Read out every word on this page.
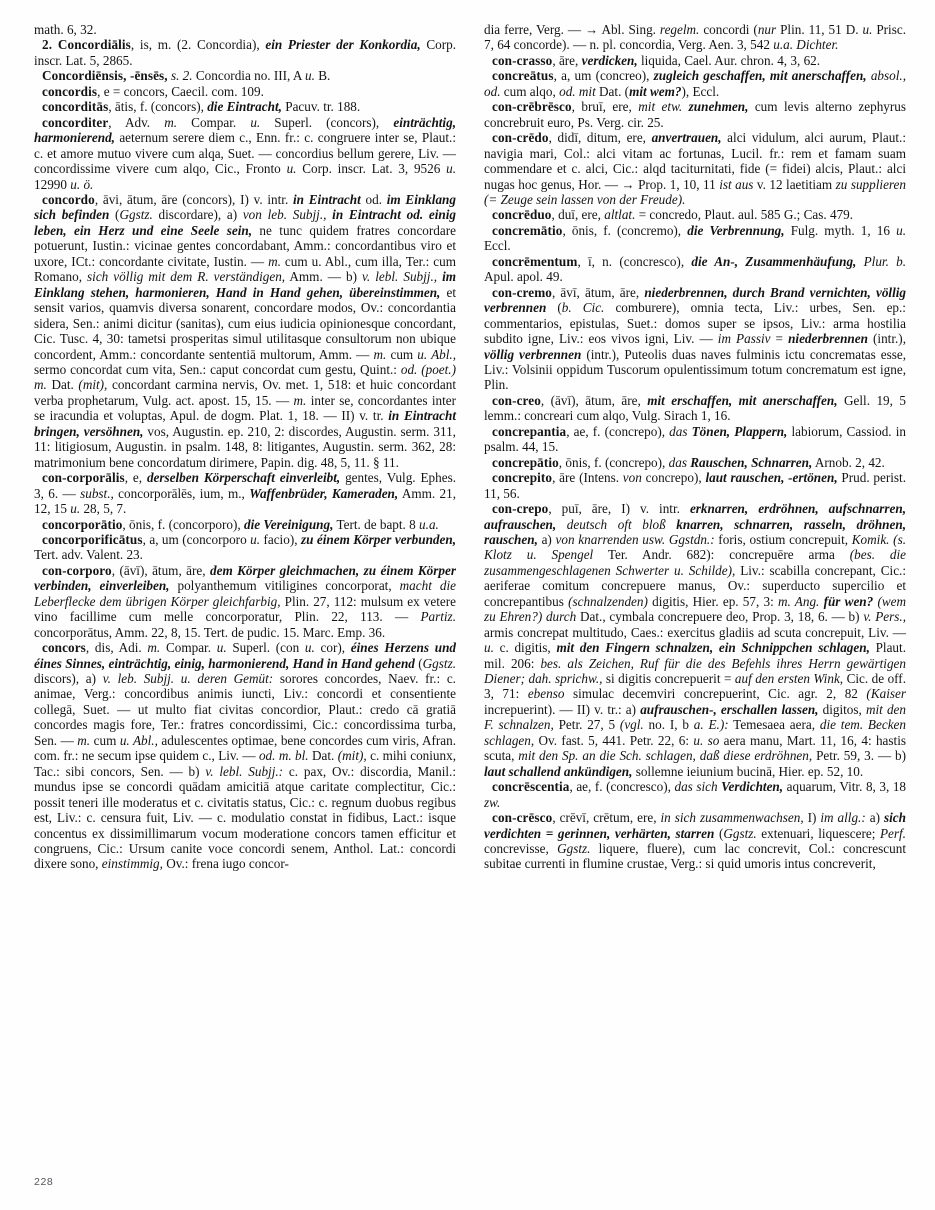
math. 6, 32.

2. Concordiālis, is, m. (2. Concordia), ein Priester der Konkordia, Corp. inscr. Lat. 5, 2865.

Concordiēnsis, -ēnsēs, s. 2. Concordia no. III, A u. B.

concordis, e = concors, Caecil. com. 109.

concorditās, ātis, f. (concors), die Eintracht, Pacuv. tr. 188.

concorditer, Adv. m. Compar. u. Superl. (concors), einträchtig, harmonierend, aeternum serere diem c., Enn. fr.: c. congruere inter se, Plaut.: c. et amore mutuo vivere cum alqa, Suet. — concordius bellum gerere, Liv. — concordissime vivere cum alqo, Cic., Fronto u. Corp. inscr. Lat. 3, 9526 u. 12990 u. ö.

concordo, āvi, ātum, āre (concors), I) v. intr. in Eintracht od. im Einklang sich befinden (Ggstz. discordare), a) von leb. Subjj., in Eintracht od. einig leben, ein Herz und eine Seele sein, ne tunc quidem fratres concordare potuerunt, Iustin.: vicinae gentes concordabant, Amm.: concordantibus viro et uxore, ICt.: concordante civitate, Iustin. — m. cum u. Abl., cum illa, Ter.: cum Romano, sich völlig mit dem R. verständigen, Amm. — b) v. lebl. Subjj., im Einklang stehen, harmonieren, Hand in Hand gehen, übereinstimmen, et sensit varios, quamvis diversa sonarent, concordare modos, Ov.: concordantia sidera, Sen.: animi dicitur (sanitas), cum eius iudicia opinionesque concordant, Cic. Tusc. 4, 30: tametsi prosperitas simul utilitasque consultorum non ubique concordent, Amm.: concordante sententiā multorum, Amm. — m. cum u. Abl., sermo concordat cum vita, Sen.: caput concordat cum gestu, Quint.: od. (poet.) m. Dat. (mit), concordant carmina nervis, Ov. met. 1, 518: et huic concordant verba prophetarum, Vulg. act. apost. 15, 15. — m. inter se, concordantes inter se iracundia et voluptas, Apul. de dogm. Plat. 1, 18. — II) v. tr. in Eintracht bringen, versöhnen, vos, Augustin. ep. 210, 2: discordes, Augustin. serm. 311, 11: litigiosum, Augustin. in psalm. 148, 8: litigantes, Augustin. serm. 362, 28: matrimonium bene concordatum dirimere, Papin. dig. 48, 5, 11. § 11.

con-corporālis, e, derselben Körperschaft einverleibt, gentes, Vulg. Ephes. 3, 6. — subst., concorporālēs, ium, m., Waffenbrüder, Kameraden, Amm. 21, 12, 15 u. 28, 5, 7.

concorporātio, ōnis, f. (concorporo), die Vereinigung, Tert. de bapt. 8 u.a.

concorporificātus, a, um (concorporo u. facio), zu éinem Körper verbunden, Tert. adv. Valent. 23.

con-corporo, (āvī), ātum, āre, dem Körper gleichmachen, zu éinem Körper verbinden, einverleiben, polyanthemum vitiligines concorporat, macht die Leberflecke dem übrigen Körper gleichfarbig, Plin. 27, 112: mulsum ex vetere vino facillime cum melle concorporatur, Plin. 22, 113. — Partiz. concorporātus, Amm. 22, 8, 15. Tert. de pudic. 15. Marc. Emp. 36.

concors, dis, Adi. m. Compar. u. Superl. (con u. cor), éines Herzens und éines Sinnes, einträchtig, einig, harmonierend, Hand in Hand gehend (Ggstz. discors), a) v. leb. Subjj. u. deren Gemüt: sorores concordes, Naev. fr.: c. animae, Verg.: concordibus animis iuncti, Liv.: concordi et consentiente collegā, Suet. — ut multo fiat civitas concordior, Plaut.: credo cā gratiā concordes magis fore, Ter.: fratres concordissimi, Cic.: concordissima turba, Sen. — m. cum u. Abl., adulescentes optimae, bene concordes cum viris, Afran. com. fr.: ne secum ipse quidem c., Liv. — od. m. bl. Dat. (mit), c. mihi coniunx, Tac.: sibi concors, Sen. — b) v. lebl. Subjj.: c. pax, Ov.: discordia, Manil.: mundus ipse se concordi quādam amicitiā atque caritate complectitur, Cic.: possit teneri ille moderatus et c. civitatis status, Cic.: c. regnum duobus regibus est, Liv.: c. censura fuit, Liv. — c. modulatio constat in fidibus, Lact.: isque concentus ex dissimillimarum vocum moderatione concors tamen efficitur et congruens, Cic.: Ursum canite voce concordi senem, Anthol. Lat.: concordi dixere sono, einstimmig, Ov.: frena iugo concor-

dia ferre, Verg. — → Abl. Sing. regelm. concordi (nur Plin. 11, 51 D. u. Prisc. 7, 64 concorde). — n. pl. concordia, Verg. Aen. 3, 542 u.a. Dichter.

con-crasso, āre, verdicken, liquida, Cael. Aur. chron. 4, 3, 62.

concreātus, a, um (concreo), zugleich geschaffen, mit anerschaffen, absol., od. cum alqo, od. mit Dat. (mit wem?), Eccl.

con-crēbrēsco, bruī, ere, mit etw. zunehmen, cum levis alterno zephyrus concrebruit euro, Ps. Verg. cir. 25.

con-crēdo, didī, ditum, ere, anvertrauen, alci vidulum, alci aurum, Plaut.: navigia mari, Col.: alci vitam ac fortunas, Lucil. fr.: rem et famam suam commendare et c. alci, Cic.: alqd taciturnitati, fide (= fidei) alcis, Plaut.: alci nugas hoc genus, Hor. — → Prop. 1, 10, 11 ist aus v. 12 laetitiam zu supplieren (= Zeuge sein lassen von der Freude).

concrēduo, duī, ere, altlat. = concredo, Plaut. aul. 585 G.; Cas. 479.

concremātio, ōnis, f. (concremo), die Verbrennung, Fulg. myth. 1, 16 u. Eccl.

concrēmentum, ī, n. (concresco), die An-, Zusammenhäufung, Plur. b. Apul. apol. 49.

con-cremo, āvī, ātum, āre, niederbrennen, durch Brand vernichten, völlig verbrennen (b. Cic. comburere), omnia tecta, Liv.: urbes, Sen. ep.: commentarios, epistulas, Suet.: domos super se ipsos, Liv.: arma hostilia subdito igne, Liv.: eos vivos igni, Liv. — im Passiv = niederbrennen (intr.), völlig verbrennen (intr.), Puteolis duas naves fulminis ictu concrematas esse, Liv.: Volsinii oppidum Tuscorum opulentissimum totum concrematum est igne, Plin.

con-creo, (āvī), ātum, āre, mit erschaffen, mit anerschaffen, Gell. 19, 5 lemm.: concreari cum alqo, Vulg. Sirach 1, 16.

concrepantia, ae, f. (concrepo), das Tönen, Plappern, labiorum, Cassiod. in psalm. 44, 15.

concrepātio, ōnis, f. (concrepo), das Rauschen, Schnarren, Arnob. 2, 42.

concrepito, āre (Intens. von concrepo), laut rauschen, -ertönen, Prud. perist. 11, 56.

con-crepo, puī, āre, I) v. intr. erknarren, erdröhnen, aufschnarren, aufrauschen, deutsch oft bloß knarren, schnarren, rasseln, dröhnen, rauschen, a) von knarrenden usw. Ggstdn.: foris, ostium concrepuit, Komik. (s. Klotz u. Spengel Ter. Andr. 682): concrepuēre arma (bes. die zusammengeschlagenen Schwerter u. Schilde), Liv.: scabilla concrepant, Cic.: aeriferae comitum concrepuere manus, Ov.: superducto supercilio et concrepantibus (schnalzenden) digitis, Hier. ep. 57, 3: m. Ang. für wen? (wem zu Ehren?) durch Dat., cymbala concrepuere deo, Prop. 3, 18, 6. — b) v. Pers., armis concrepat multitudo, Caes.: exercitus gladiis ad scuta concrepuit, Liv. — u. c. digitis, mit den Fingern schnalzen, ein Schnippchen schlagen, Plaut. mil. 206: bes. als Zeichen, Ruf für die des Befehls ihres Herrn gewärtigen Diener; dah. sprichw., si digitis concrepuerit = auf den ersten Wink, Cic. de off. 3, 71: ebenso simulac decemviri concrepuerint, Cic. agr. 2, 82 (Kaiser increpuerint). — II) v. tr.: a) aufrauschen-, erschallen lassen, digitos, mit den F. schnalzen, Petr. 27, 5 (vgl. no. I, b a. E.): Temesaea aera, die tem. Becken schlagen, Ov. fast. 5, 441. Petr. 22, 6: u. so aera manu, Mart. 11, 16, 4: hastis scuta, mit den Sp. an die Sch. schlagen, daß diese erdröhnen, Petr. 59, 3. — b) laut schallend ankündigen, sollemne ieiunium bucinā, Hier. ep. 52, 10.

concrēscentia, ae, f. (concresco), das sich Verdichten, aquarum, Vitr. 8, 3, 18 zw.

con-crēsco, crēvī, crētum, ere, in sich zusammenwachsen, I) im allg.: a) sich verdichten = gerinnen, verhärten, starren (Ggstz. extenuari, liquescere; Perf. concrevisse, Ggstz. liquere, fluere), cum lac concrevit, Col.: concrescunt subitae currenti in flumine crustae, Verg.: si quid umoris intus concreverit,

228
